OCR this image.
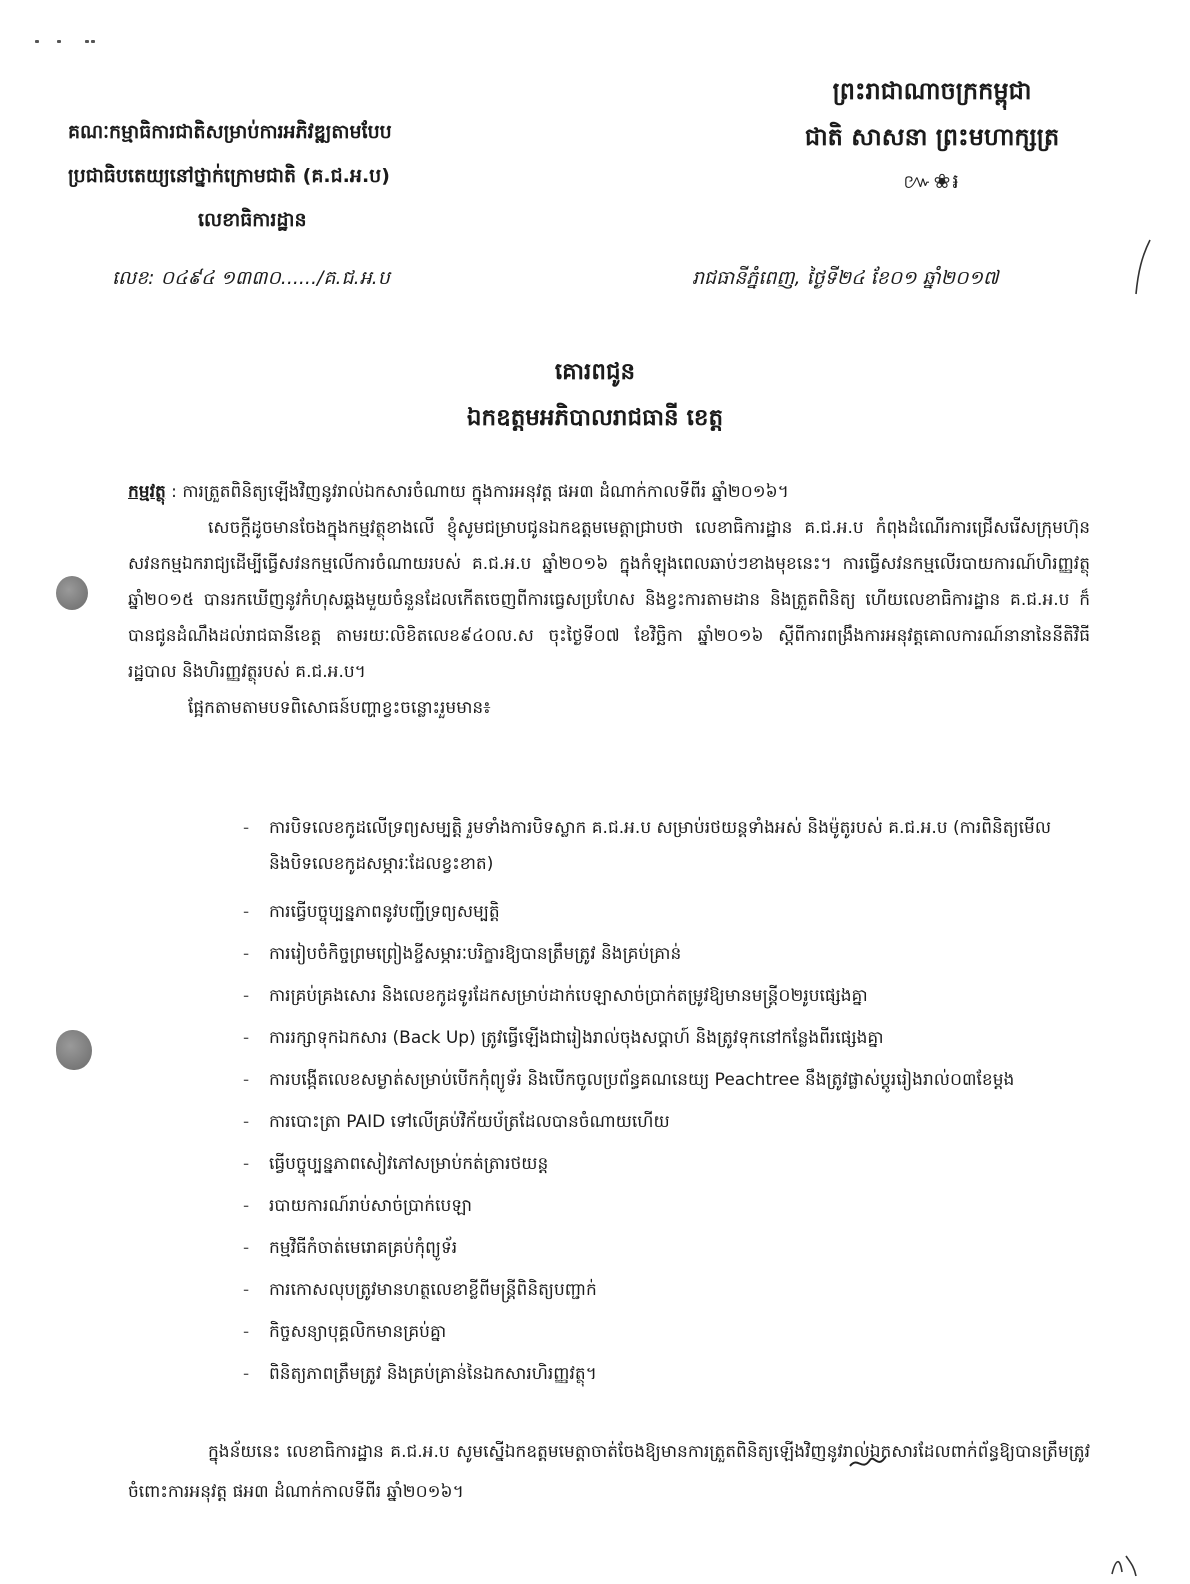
ព្រះរាជាណាចក្រកម្ពុជា
ជាតិ សាសនា ព្រះមហាក្សត្រ
៚❀៛
គណៈកម្មាធិការជាតិសម្រាប់ការអភិវឌ្ឍតាមបែប
ប្រជាធិបតេយ្យនៅថ្នាក់ក្រោមជាតិ (គ.ជ.អ.ប)
លេខាធិការដ្ឋាន
លេខ: ០៤៩៤ ១៣៣០....../គ.ជ.អ.ប	រាជធានីភ្នំពេញ, ថ្ងៃទី២៤ ខែ០១ ឆ្នាំ២០១៧
គោរពជូន
ឯកឧត្តមអភិបាលរាជធានី ខេត្ត
កម្មវត្ថុ : ការត្រួតពិនិត្យឡើងវិញនូវរាល់ឯកសារចំណាយ ក្នុងការអនុវត្ត ផអ៣ ដំណាក់កាលទីពីរ ឆ្នាំ២០១៦។
សេចក្តីដូចមានចែងក្នុងកម្មវត្ថុខាងលើ ខ្ញុំសូមជម្រាបជូនឯកឧត្តមមេត្តាជ្រាបថា លេខាធិការដ្ឋាន គ.ជ.អ.ប កំពុងដំណើរការជ្រើសរើសក្រុមហ៊ុនសវនកម្មឯករាជ្យដើម្បីធ្វើសវនកម្មលើការចំណាយរបស់ គ.ជ.អ.ប ឆ្នាំ២០១៦ ក្នុងកំឡុងពេលឆាប់ៗខាងមុខនេះ។ ការធ្វើសវនកម្មលើរបាយការណ៍ហិរញ្ញវត្ថុឆ្នាំ២០១៥ បានរកឃើញនូវកំហុសឆ្គងមួយចំនួនដែលកើតចេញពីការធ្វេសប្រហែស និងខ្វះការតាមដាន និងត្រួតពិនិត្យ ហើយលេខាធិការដ្ឋាន គ.ជ.អ.ប ក៏បានជូនដំណឹងដល់រាជធានីខេត្ត តាមរយៈលិខិតលេខ៩៤០ល.ស ចុះថ្ងៃទី០៧ ខែវិច្ឆិកា ឆ្នាំ២០១៦ ស្តីពីការពង្រឹងការអនុវត្តគោលការណ៍នានានៃនីតិវិធីរដ្ឋបាល និងហិរញ្ញវត្ថុរបស់ គ.ជ.អ.ប។
ផ្អែកតាមតាមបទពិសោធន៍បញ្ហាខ្វះចន្លោះរួមមាន៖
- ការបិទលេខកូដលើទ្រព្យសម្បត្តិ រួមទាំងការបិទស្លាក គ.ជ.អ.ប សម្រាប់រថយន្តទាំងអស់ និងម៉ូតូរបស់ គ.ជ.អ.ប (ការពិនិត្យមើល និងបិទលេខកូដសម្ភារៈដែលខ្វះខាត)
- ការធ្វើបច្ចុប្បន្នភាពនូវបញ្ជីទ្រព្យសម្បត្តិ
- ការរៀបចំកិច្ចព្រមព្រៀងខ្ចីសម្ភារៈបរិក្ខារឱ្យបានត្រឹមត្រូវ និងគ្រប់គ្រាន់
- ការគ្រប់គ្រងសោរ និងលេខកូដទូរដែកសម្រាប់ដាក់បេឡាសាច់ប្រាក់តម្រូវឱ្យមានមន្ត្រី០២រូបផ្សេងគ្នា
- ការរក្សាទុកឯកសារ (Back Up) ត្រូវធ្វើឡើងជារៀងរាល់ចុងសប្តាហ៍ និងត្រូវទុកនៅកន្លែងពីរផ្សេងគ្នា
- ការបង្កើតលេខសម្ងាត់សម្រាប់បើកកុំព្យូទ័រ និងបើកចូលប្រព័ន្ធគណនេយ្យ Peachtree នឹងត្រូវផ្លាស់ប្តូររៀងរាល់០៣ខែម្តង
- ការបោះត្រា PAID ទៅលើគ្រប់វិក័យប័ត្រដែលបានចំណាយហើយ
- ធ្វើបច្ចុប្បន្នភាពសៀវភៅសម្រាប់កត់ត្រារថយន្ត
- របាយការណ៍រាប់សាច់ប្រាក់បេឡា
- កម្មវិធីកំចាត់មេរោគគ្រប់កុំព្យូទ័រ
- ការកោសលុបត្រូវមានហត្ថលេខាខ្លីពីមន្ត្រីពិនិត្យបញ្ជាក់
- កិច្ចសន្យាបុគ្គលិកមានគ្រប់គ្នា
- ពិនិត្យភាពត្រឹមត្រូវ និងគ្រប់គ្រាន់នៃឯកសារហិរញ្ញវត្ថុ។
ក្នុងន័យនេះ លេខាធិការដ្ឋាន គ.ជ.អ.ប សូមស្នើឯកឧត្តមមេត្តាចាត់ចែងឱ្យមានការត្រួតពិនិត្យឡើងវិញនូវរាល់ឯកសារដែលពាក់ព័ន្ធឱ្យបានត្រឹមត្រូវចំពោះការអនុវត្ត ផអ៣ ដំណាក់កាលទីពីរ ឆ្នាំ២០១៦។
